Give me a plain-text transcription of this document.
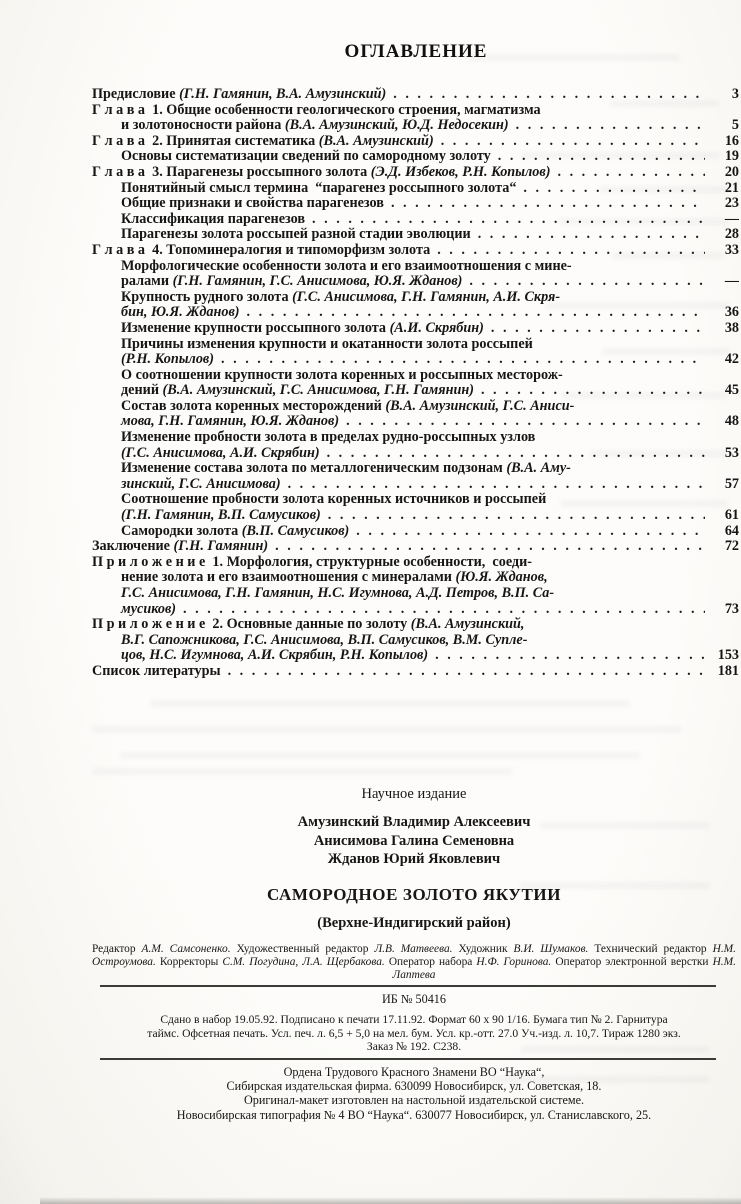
ОГЛАВЛЕНИЕ
Предисловие (Г.Н. Гамянин, В.А. Амузинский) . .	3
Г л а в а  1. Общие особенности геологического строения, магматизма
и золотоносности района (В.А. Амузинский, Ю.Д. Недосекин) . .	5
Г л а в а  2. Принятая систематика (В.А. Амузинский) . .	16
Основы систематизации сведений по самородному золоту . .	19
Г л а в а  3. Парагенезы россыпного золота (Э.Д. Избеков, Р.Н. Копылов) . .	20
Понятийный смысл термина  “парагенез россыпного золота“ . .	21
Общие признаки и свойства парагенезов . .	23
Классификация парагенезов . .	—
Парагенезы золота россыпей разной стадии эволюции . .	28
Г л а в а  4. Топоминералогия и типоморфизм золота . .	33
Морфологические особенности золота и его взаимоотношения с мине-
ралами (Г.Н. Гамянин, Г.С. Анисимова, Ю.Я. Жданов) . .	—
Крупность рудного золота (Г.С. Анисимова, Г.Н. Гамянин, А.И. Скря-
бин, Ю.Я. Жданов) . .	36
Изменение крупности россыпного золота (А.И. Скрябин) . .	38
Причины изменения крупности и окатанности золота россыпей
(Р.Н. Копылов) . .	42
О соотношении крупности золота коренных и россыпных месторож-
дений (В.А. Амузинский, Г.С. Анисимова, Г.Н. Гамянин) . .	45
Состав золота коренных месторождений (В.А. Амузинский, Г.С. Аниси-
мова, Г.Н. Гамянин, Ю.Я. Жданов) . .	48
Изменение пробности золота в пределах рудно-россыпных узлов
(Г.С. Анисимова, А.И. Скрябин) . .	53
Изменение состава золота по металлогеническим подзонам (В.А. Аму-
зинский, Г.С. Анисимова) . .	57
Соотношение пробности золота коренных источников и россыпей
(Г.Н. Гамянин, В.П. Самусиков) . .	61
Самородки золота (В.П. Самусиков) . .	64
Заключение (Г.Н. Гамянин) . .	72
П р и л о ж е н и е  1. Морфология, структурные особенности,  соеди-
нение золота и его взаимоотношения с минералами (Ю.Я. Жданов,
Г.С. Анисимова, Г.Н. Гамянин, Н.С. Игумнова, А.Д. Петров, В.П. Са-
мусиков) . .	73
П р и л о ж е н и е  2. Основные данные по золоту (В.А. Амузинский,
В.Г. Сапожникова, Г.С. Анисимова, В.П. Самусиков, В.М. Супле-
цов, Н.С. Игумнова, А.И. Скрябин, Р.Н. Копылов) . .	153
Список литературы . .	181
Научное издание
Амузинский Владимир Алексеевич
Анисимова Галина Семеновна
Жданов Юрий Яковлевич
САМОРОДНОЕ ЗОЛОТО ЯКУТИИ
(Верхне-Индигирский район)

Редактор А.М. Самсоненко. Художественный редактор Л.В. Матвеева. Художник В.И. Шумаков. Технический редактор Н.М. Остроумова. Корректоры С.М. Погудина, Л.А. Щербакова. Оператор набора Н.Ф. Горинова. Оператор электронной верстки Н.М. Лаптева

ИБ № 50416
Сдано в набор 19.05.92. Подписано к печати 17.11.92. Формат 60 х 90 1/16. Бумага тип № 2. Гарнитура
таймс. Офсетная печать. Усл. печ. л. 6,5 + 5,0 на мел. бум. Усл. кр.-отт. 27.0 Уч.-изд. л. 10,7. Тираж 1280 экз.
Заказ № 192. С238.
Ордена Трудового Красного Знамени ВО “Наука“,
Сибирская издательская фирма. 630099 Новосибирск, ул. Советская, 18.
Оригинал-макет изготовлен на настольной издательской системе.
Новосибирская типография № 4 ВО “Наука“. 630077 Новосибирск, ул. Станиславского, 25.
